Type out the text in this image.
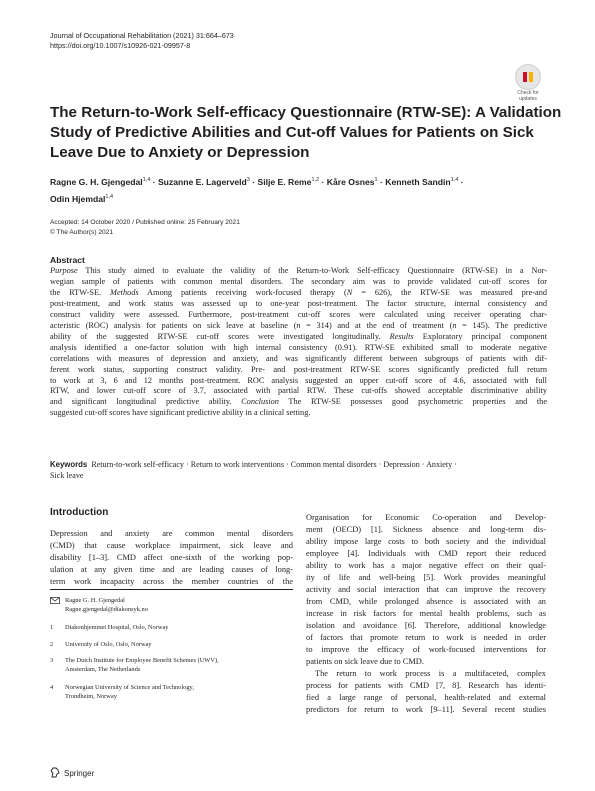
Journal of Occupational Rehabilitation (2021) 31:664–673
https://doi.org/10.1007/s10926-021-09957-8
Check for
updates
The Return-to-Work Self-efficacy Questionnaire (RTW-SE): A Validation
Study of Predictive Abilities and Cut-off Values for Patients on Sick
Leave Due to Anxiety or Depression
Ragne G. H. Gjengedal$^{1,4}$ · Suzanne E. Lagerveld$^3$ · Silje E. Reme$^{1,2}$ · Kåre Osnes$^1$ · Kenneth Sandin$^{1,4}$ ·
Odin Hjemdal$^{1,4}$
Accepted: 14 October 2020 / Published online: 25 February 2021
© The Author(s) 2021
Abstract
Purpose This study aimed to evaluate the validity of the Return-to-Work Self-efficacy Questionnaire (RTW-SE) in a Nor-
wegian sample of patients with common mental disorders. The secondary aim was to provide validated cut-off scores for
the RTW-SE. Methods Among patients receiving work-focused therapy (N = 626), the RTW-SE was measured pre-and
post-treatment, and work status was assessed up to one-year post-treatment. The factor structure, internal consistency and
construct validity were assessed. Furthermore, post-treatment cut-off scores were calculated using receiver operating char-
acteristic (ROC) analysis for patients on sick leave at baseline (n = 314) and at the end of treatment (n = 145). The predictive
ability of the suggested RTW-SE cut-off scores were investigated longitudinally. Results Exploratory principal component
analysis identified a one-factor solution with high internal consistency (0.91). RTW-SE exhibited small to moderate negative
correlations with measures of depression and anxiety, and was significantly different between subgroups of patients with dif-
ferent work status, supporting construct validity. Pre- and post-treatment RTW-SE scores significantly predicted full return
to work at 3, 6 and 12 months post-treatment. ROC analysis suggested an upper cut-off score of 4.6, associated with full
RTW, and lower cut-off score of 3.7, associated with partial RTW. These cut-offs showed acceptable discriminative ability
and significant longitudinal predictive ability. Conclusion The RTW-SE possesses good psychometric properties and the
suggested cut-off scores have significant predictive ability in a clinical setting.
Keywords Return-to-work self-efficacy · Return to work interventions · Common mental disorders · Depression · Anxiety ·
Sick leave
Introduction
Depression and anxiety are common mental disorders
(CMD) that cause workplace impairment, sick leave and
disability [1–3]. CMD affect one-sixth of the working pop-
ulation at any given time and are leading causes of long-
term work incapacity across the member countries of the
Organisation for Economic Co-operation and Develop-
ment (OECD) [1]. Sickness absence and long-term dis-
ability impose large costs to both society and the individual
employee [4]. Individuals with CMD report their reduced
ability to work has a major negative effect on their qual-
ity of life and well-being [5]. Work provides meaningful
activity and social interaction that can improve the recovery
from CMD, while prolonged absence is associated with an
increase in risk factors for mental health problems, such as
isolation and avoidance [6]. Therefore, additional knowledge
of factors that promote return to work is needed in order
to improve the efficacy of work-focused interventions for
patients on sick leave due to CMD.
The return to work process is a multifaceted, complex
process for patients with CMD [7, 8]. Research has identi-
fied a large range of personal, health-related and external
predictors for return to work [9–11]. Several recent studies
Ragne G. H. Gjengedal
Ragne.gjengedal@diakonsyk.no
1 Diakonhjemmet Hospital, Oslo, Norway
2 University of Oslo, Oslo, Norway
3 The Dutch Institute for Employee Benefit Schemes (UWV),
Amsterdam, The Netherlands
4 Norwegian University of Science and Technology,
Trondheim, Norway
Springer
